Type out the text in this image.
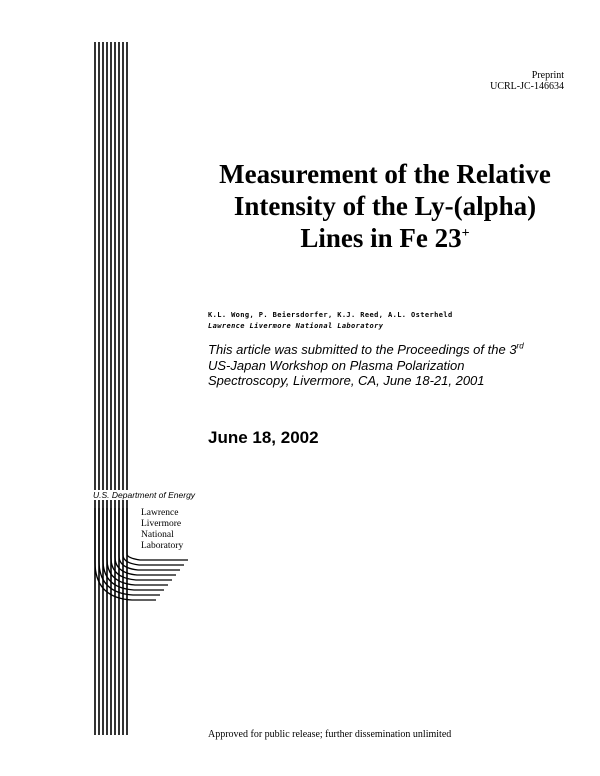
Preprint
UCRL-JC-146634
Measurement of the Relative
Intensity of the Ly-(alpha)
Lines in Fe 23+
K.L. Wong, P. Beiersdorfer, K.J. Reed, A.L. Osterheld
Lawrence Livermore National Laboratory
This article was submitted to the Proceedings of the 3rd
US-Japan Workshop on Plasma Polarization
Spectroscopy, Livermore, CA, June 18-21, 2001
June 18, 2002
U.S. Department of Energy
Lawrence
Livermore
National
Laboratory
Approved for public release; further dissemination unlimited
